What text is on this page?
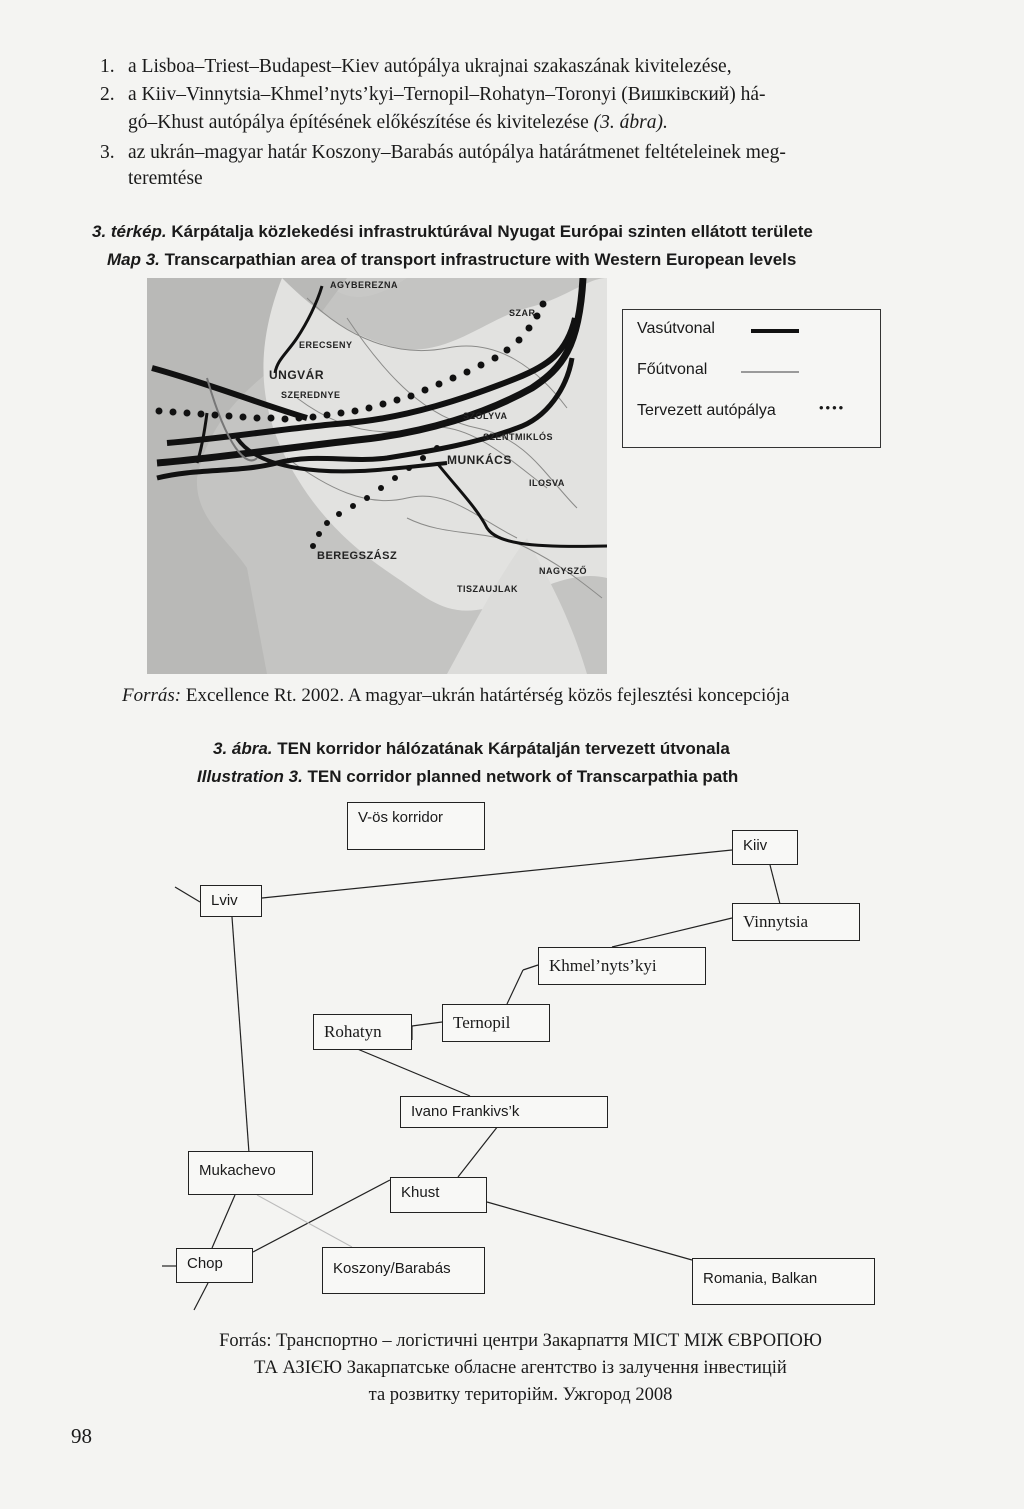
1. a Lisboa–Triest–Budapest–Kiev autópálya ukrajnai szakaszának kivitelezése,
2. a Kiiv–Vinnytsia–Khmel’nyts’kyi–Ternopil–Rohatyn–Toronyi (Вишківский) há-
gó–Khust autópálya építésének előkészítése és kivitelezése (3. ábra).
3. az ukrán–magyar határ Koszony–Barabás autópálya határátmenet feltételeinek meg-
teremtése
3. térkép. Kárpátalja közlekedési infrastruktúrával Nyugat Európai szinten ellátott területe
Map 3. Transcarpathian area of transport infrastructure with Western European levels
AGYBEREZNA
ERECSENY
UNGVÁR
SZEREDNYE
SZOLYVA
SZENTMIKLÓS
MUNKÁCS
ILOSVA
BEREGSZÁSZ
NAGYSZŐ
TISZAUJLAK
SZAR
Vasútvonal
Főútvonal
Tervezett autópálya	••••
Forrás: Excellence Rt. 2002. A magyar–ukrán határtérség közös fejlesztési koncepciója
3. ábra. TEN korridor hálózatának Kárpátalján tervezett útvonala
Illustration 3. TEN corridor planned network of Transcarpathia path
V-ös korridor
Kiiv
Lviv
Vinnytsia
Khmel’nyts’kyi
Ternopil
Rohatyn
Ivano Frankivs’k
Mukachevo
Khust
Chop	Koszony/Barabás
Romania, Balkan
Forrás: Транспортно – логістичні центри Закарпаття МІСТ МІЖ ЄВРОПОЮ
ТА АЗІЄЮ Закарпатське обласне агентство із залучення інвестицій
та розвитку територійм. Ужгород 2008
98
